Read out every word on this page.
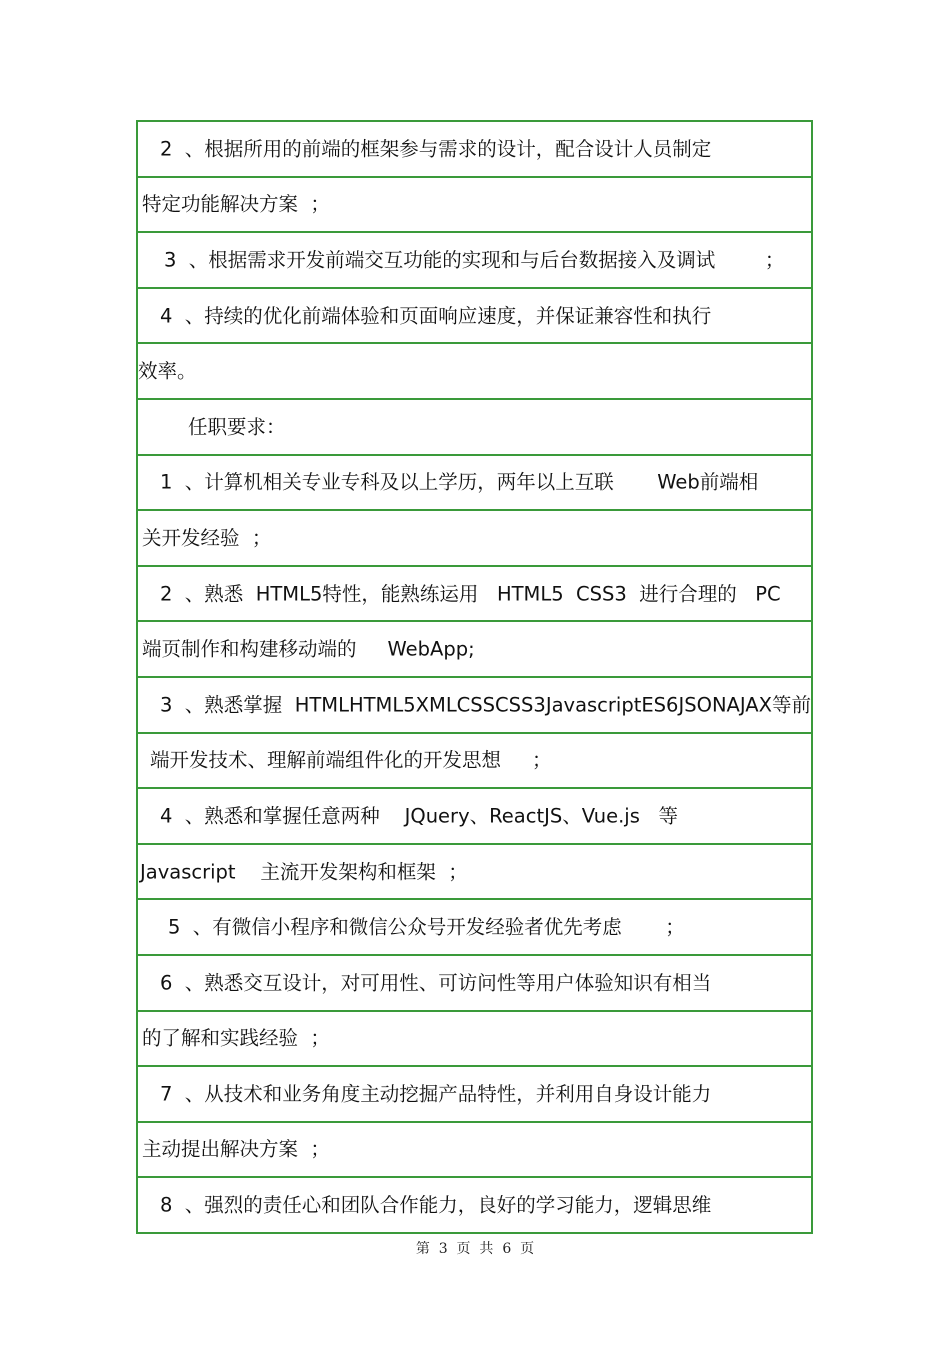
2  、根据所用的前端的框架参与需求的设计，配合设计人员制定
特定功能解决方案  ；
3  、根据需求开发前端交互功能的实现和与后台数据接入及调试        ；
4  、持续的优化前端体验和页面响应速度，并保证兼容性和执行
效率。
任职要求：
1  、计算机相关专业专科及以上学历，两年以上互联       Web前端相
关开发经验  ；
2  、熟悉  HTML5特性，能熟练运用   HTML5  CSS3  进行合理的   PC
端页制作和构建移动端的     WebApp;
3  、熟悉掌握  HTMLHTML5XMLCSSCSS3JavascriptES6JSONAJAX等前
端开发技术、理解前端组件化的开发思想     ；
4  、熟悉和掌握任意两种    JQuery、ReactJS、Vue.js   等
Javascript    主流开发架构和框架  ；
5  、有微信小程序和微信公众号开发经验者优先考虑       ；
6  、熟悉交互设计，对可用性、可访问性等用户体验知识有相当
的了解和实践经验  ；
7  、从技术和业务角度主动挖掘产品特性，并利用自身设计能力
主动提出解决方案  ；
8  、强烈的责任心和团队合作能力，良好的学习能力，逻辑思维
第  3  页  共  6  页
